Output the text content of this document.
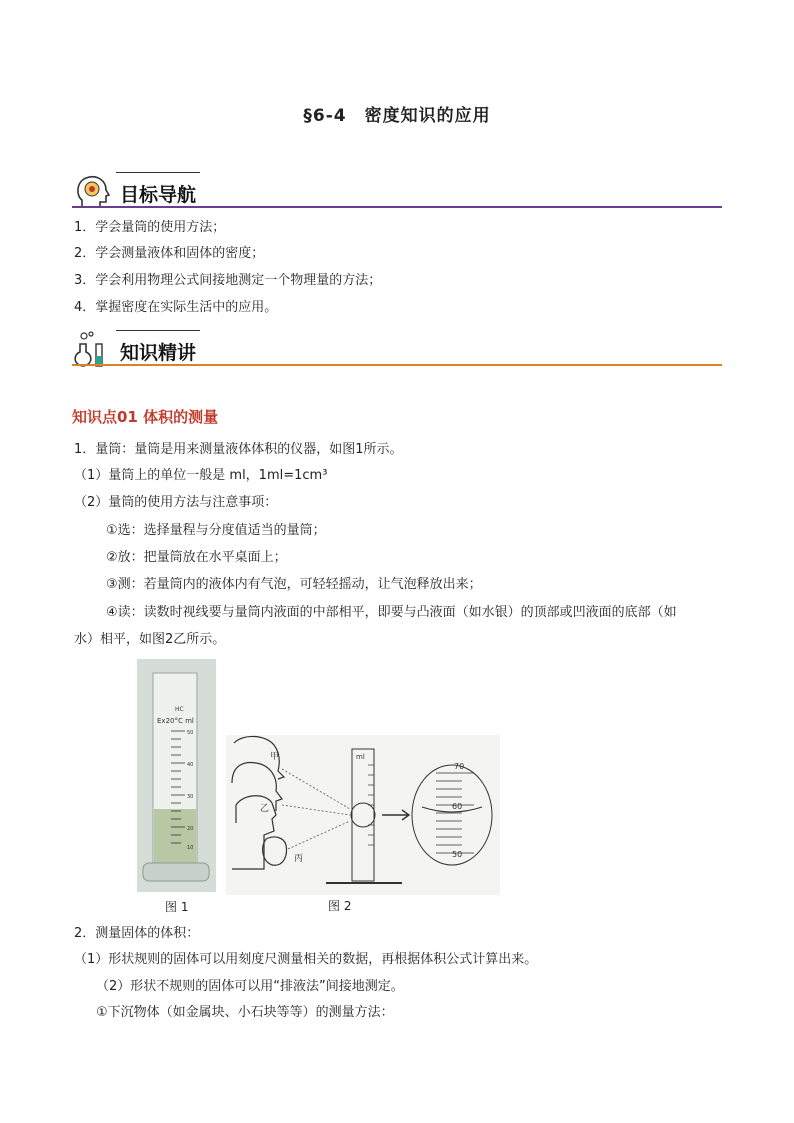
§6-4　密度知识的应用
目标导航
1．学会量筒的使用方法；
2．学会测量液体和固体的密度；
3．学会利用物理公式间接地测定一个物理量的方法；
4．掌握密度在实际生活中的应用。
知识精讲
知识点01 体积的测量
1．量筒：量筒是用来测量液体体积的仪器，如图1所示。
（1）量筒上的单位一般是 ml，1ml=1cm³
（2）量筒的使用方法与注意事项：
①选：选择量程与分度值适当的量筒；
②放：把量筒放在水平桌面上；
③测：若量筒内的液体内有气泡，可轻轻摇动，让气泡释放出来；
④读：读数时视线要与量筒内液面的中部相平，即要与凸液面（如水银）的顶部或凹液面的底部（如
水）相平，如图2乙所示。
HC
Ex20°C ml
50
40
30
20
10
甲
乙
丙
ml
70
60
50
图 1	图 2
2．测量固体的体积：
（1）形状规则的固体可以用刻度尺测量相关的数据，再根据体积公式计算出来。
（2）形状不规则的固体可以用“排液法”间接地测定。
①下沉物体（如金属块、小石块等等）的测量方法：
